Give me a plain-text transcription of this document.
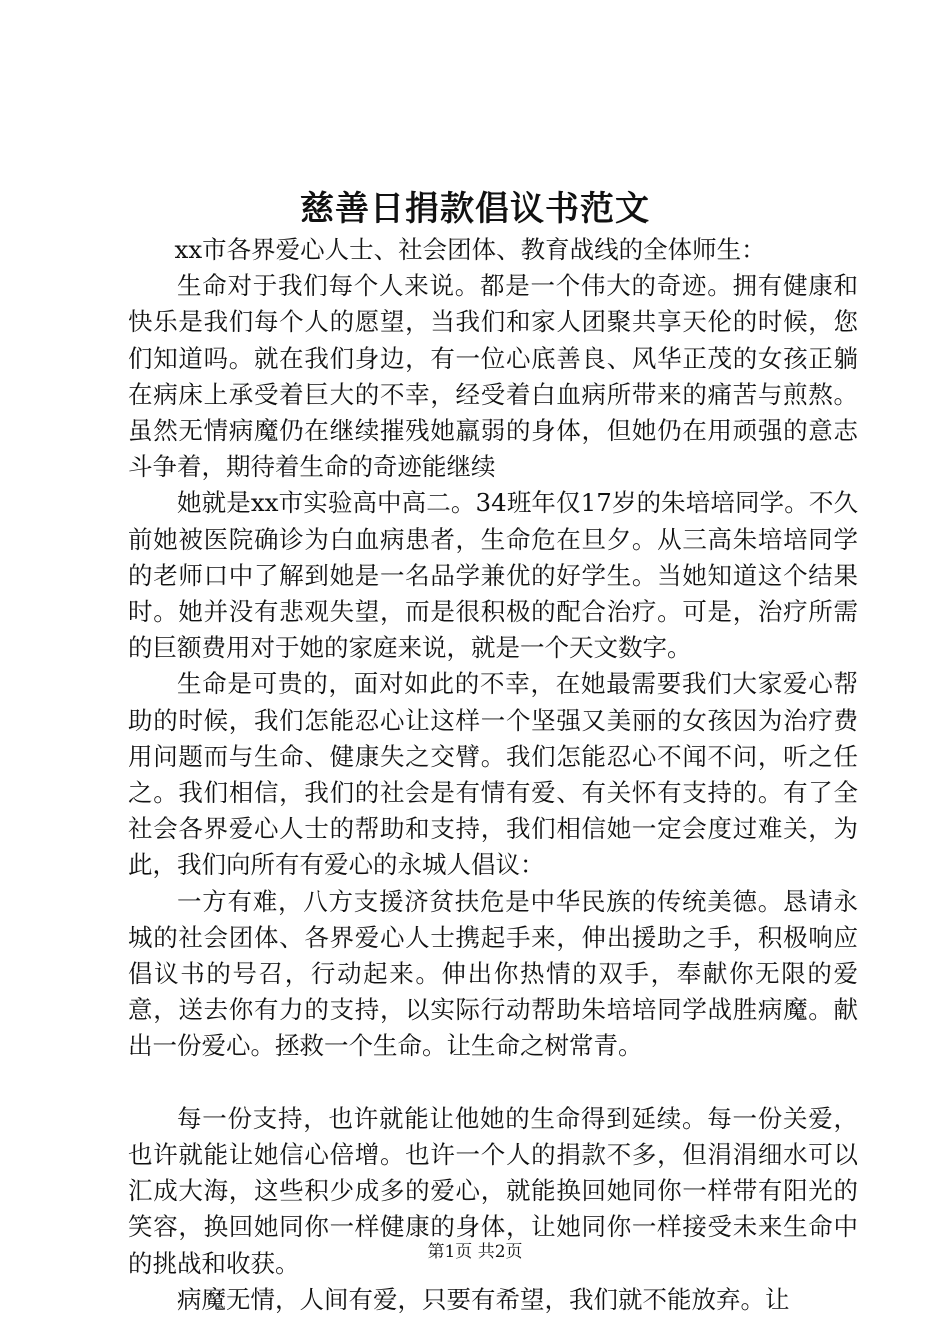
慈善日捐款倡议书范文

xx市各界爱心人士、社会团体、教育战线的全体师生：

生命对于我们每个人来说。都是一个伟大的奇迹。拥有健康和快乐是我们每个人的愿望，当我们和家人团聚共享天伦的时候，您们知道吗。就在我们身边，有一位心底善良、风华正茂的女孩正躺在病床上承受着巨大的不幸，经受着白血病所带来的痛苦与煎熬。虽然无情病魔仍在继续摧残她羸弱的身体，但她仍在用顽强的意志斗争着，期待着生命的奇迹能继续

她就是xx市实验高中高二。34班年仅17岁的朱培培同学。不久前她被医院确诊为白血病患者，生命危在旦夕。从三高朱培培同学的老师口中了解到她是一名品学兼优的好学生。当她知道这个结果时。她并没有悲观失望，而是很积极的配合治疗。可是，治疗所需的巨额费用对于她的家庭来说，就是一个天文数字。

生命是可贵的，面对如此的不幸，在她最需要我们大家爱心帮助的时候，我们怎能忍心让这样一个坚强又美丽的女孩因为治疗费用问题而与生命、健康失之交臂。我们怎能忍心不闻不问，听之任之。我们相信，我们的社会是有情有爱、有关怀有支持的。有了全社会各界爱心人士的帮助和支持，我们相信她一定会度过难关，为此，我们向所有有爱心的永城人倡议：

一方有难，八方支援济贫扶危是中华民族的传统美德。恳请永城的社会团体、各界爱心人士携起手来，伸出援助之手，积极响应倡议书的号召，行动起来。伸出你热情的双手，奉献你无限的爱意，送去你有力的支持，以实际行动帮助朱培培同学战胜病魔。献出一份爱心。拯救一个生命。让生命之树常青。

每一份支持，也许就能让他她的生命得到延续。每一份关爱，也许就能让她信心倍增。也许一个人的捐款不多，但涓涓细水可以汇成大海，这些积少成多的爱心，就能换回她同你一样带有阳光的笑容，换回她同你一样健康的身体，让她同你一样接受未来生命中的挑战和收获。

病魔无情，人间有爱，只要有希望，我们就不能放弃。让

第1页 共2页
